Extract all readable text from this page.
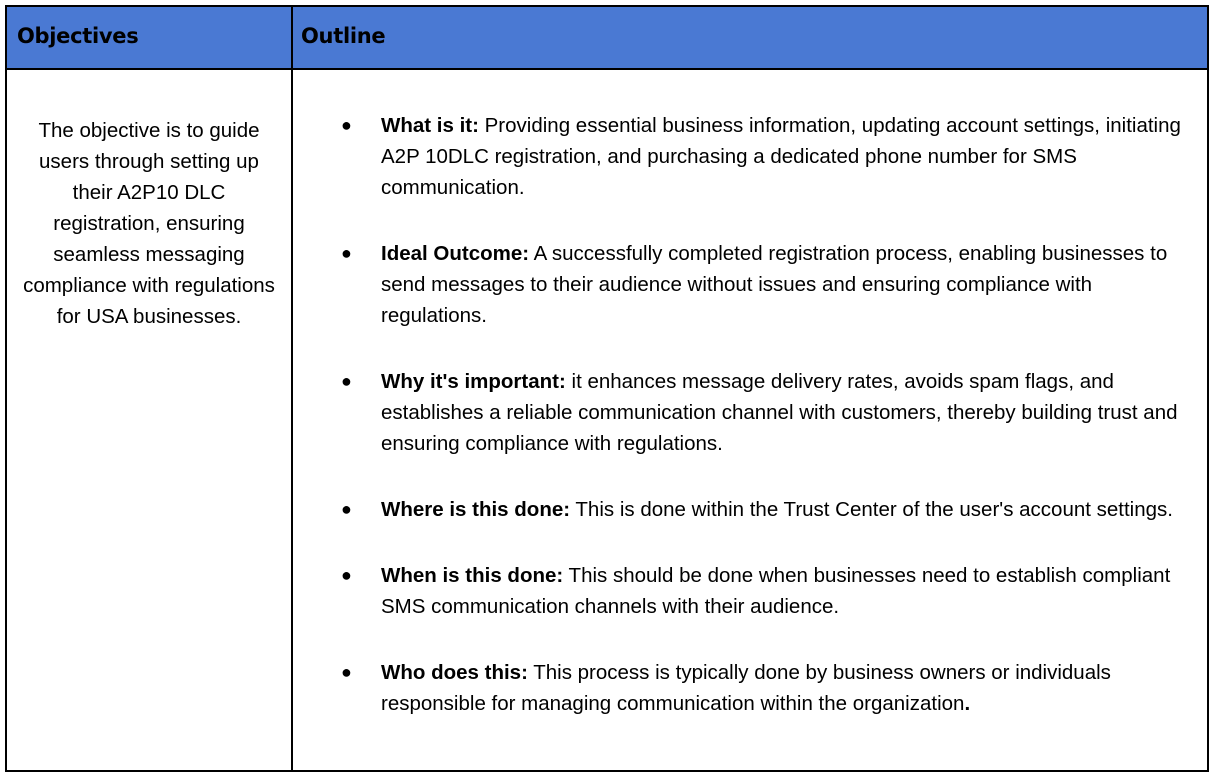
Objectives	Outline
The objective is to guide users through setting up their A2P10 DLC registration, ensuring seamless messaging compliance with regulations for USA businesses.
● What is it: Providing essential business information, updating account settings, initiating A2P 10DLC registration, and purchasing a dedicated phone number for SMS communication.
● Ideal Outcome: A successfully completed registration process, enabling businesses to send messages to their audience without issues and ensuring compliance with regulations.
● Why it's important: it enhances message delivery rates, avoids spam flags, and establishes a reliable communication channel with customers, thereby building trust and ensuring compliance with regulations.
● Where is this done: This is done within the Trust Center of the user's account settings.
● When is this done: This should be done when businesses need to establish compliant SMS communication channels with their audience.
● Who does this: This process is typically done by business owners or individuals responsible for managing communication within the organization.
